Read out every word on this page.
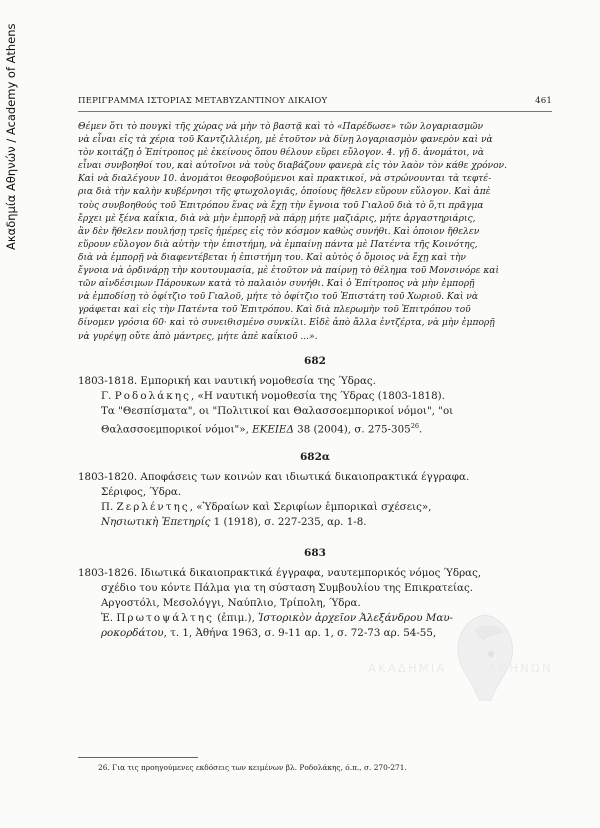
Ακαδημία Αθηνών / Academy of Athens	ΠΕΡΙΓΡΑΜΜΑ ΙΣΤΟΡΙΑΣ ΜΕΤΑΒΥΖΑΝΤΙΝΟΥ ΔΙΚΑΙΟΥ	461
Θέμεν ὅτι τὸ πουγκὶ τῆς χώρας νὰ μὴν τὸ βαστᾷ καὶ τὸ «Παρέδωσε» τῶν λογαριασμῶν
νὰ εἶναι εἰς τὰ χέρια τοῦ Καντζιλλιέρη, μὲ ἐτοῦτον νὰ δίνῃ λογαριασμὸν φανερὸν καὶ νὰ
τὸν κοιτάζῃ ὁ Ἐπίτροπος μὲ ἐκείνους ὅπου θέλουν εὕρει εὔλογον. 4. γῇ δ. ἀνομάτοι, νὰ
εἶναι συνβοηθοί του, καὶ αὐτοῖνοι νὰ τοὺς διαβάζουν φανερὰ εἰς τὸν λαὸν τὸν κάθε χρόνον.
Καὶ νὰ διαλέγουν 10. ἀνομάτοι θεοφοβούμενοι καὶ πρακτικοί, νὰ στρώνουνται τὰ τεφτέ-
ρια διὰ τὴν καλὴν κυβέρνησι τῆς φτωχολογιᾶς, ὁποίους ἤθελεν εὕρουν εὔλογον. Καὶ ἀπὲ
τοὺς συνβοηθούς τοῦ Ἐπιτρόπου ἕνας νὰ ἔχῃ τὴν ἔγνοια τοῦ Γιαλοῦ διὰ τὸ ὅ,τι πρᾶγμα
ἔρχει μὲ ξένα καΐκια, διὰ νὰ μὴν ἐμπορῇ νὰ πάρῃ μήτε μαζιάρις, μήτε ἀργαστηριάρις,
ἂν δὲν ἤθελεν πουλήσῃ τρεῖς ἡμέρες εἰς τὸν κόσμον καθὼς συνήθι. Καὶ ὁποιον ἤθελεν
εὕρουν εὔλογον διὰ αὐτὴν τὴν ἐπιστήμη, νὰ ἐμπαίνῃ πάντα μὲ Πατέντα τῆς Κοινότης,
διὰ νὰ ἐμπορῇ νὰ διαφεντέβεται ἡ ἐπιστήμη του. Καὶ αὐτὸς ὁ ὅμοιος νὰ ἔχῃ καὶ τὴν
ἔγνοια νὰ ὀρδινάρῃ τὴν κουτουμασία, μὲ ἐτοῦτον νὰ παίρνῃ τὸ θέλημα τοῦ Μονσινόρε καὶ
τῶν αἰνδέσιμων Πάρουκων κατὰ τὸ παλαιὸν συνήθι. Καὶ ὁ Ἐπίτροπος νὰ μὴν ἐμπορῇ
νὰ ἐμποδίσῃ τὸ ὀφίτζιο τοῦ Γιαλοῦ, μήτε τὸ ὀφίτζιο τοῦ Ἐπιστάτη τοῦ Χωριοῦ. Καὶ νὰ
γράφεται καὶ εἰς τὴν Πατέντα τοῦ Ἐπιτρόπου. Καὶ διὰ πλερωμὴν τοῦ Ἐπιτρόπου τοῦ
δίνομεν γρόσια 60· καὶ τὸ συνειθισμένο συνκίλι. Εἰδὲ ἀπὸ ἄλλα ἐντζέρτα, νὰ μὴν ἐμπορῇ
νὰ γυρέψῃ οὔτε ἀπὸ μάντρες, μήτε ἀπὲ καΐκιοῦ ...».
682
1803-1818. Εμπορική και ναυτική νομοθεσία της Ύδρας.
Γ. Ροδολάκης, «Η ναυτική νομοθεσία της Ύδρας (1803-1818).
Τα "Θεσπίσματα", οι "Πολιτικοί και Θαλασσοεμπορικοί νόμοι", "οι
Θαλασσοεμπορικοί νόμοι"», ΕΚΕΙΕΔ 38 (2004), σ. $275-305^{26}$.
682α
1803-1820. Αποφάσεις των κοινών και ιδιωτικά δικαιοπρακτικά έγγραφα.
Σέριφος, Ύδρα.
Π. Ζερλέντης, «Ὑδραίων καὶ Σεριφίων ἐμπορικαὶ σχέσεις»,
Νησιωτικὴ Ἐπετηρίς 1 (1918), σ. 227-235, αρ. 1-8.
683
1803-1826. Ιδιωτικά δικαιοπρακτικά έγγραφα, ναυτεμπορικός νόμος Ύδρας,
σχέδιο του κόντε Πάλμα για τη σύσταση Συμβουλίου της Επικρατείας.
Αργοστόλι, Μεσολόγγι, Ναύπλιο, Τρίπολη, Ύδρα.
Ἐ. Πρωτοψάλτης (ἐπιμ.), Ἱστορικὸν ἀρχεῖον Ἀλεξάνδρου Μαυ-
ροκορδάτου, τ. 1, Ἀθήνα 1963, σ. 9-11 αρ. 1, σ. 72-73 αρ. 54-55,
26. Για τις προηγούμενες εκδόσεις των κειμένων βλ. Ροδολάκης, ό.π., σ. 270-271.
ΑΚΑΔΗΜΙΑ	ΑΘΗΝΩΝ
